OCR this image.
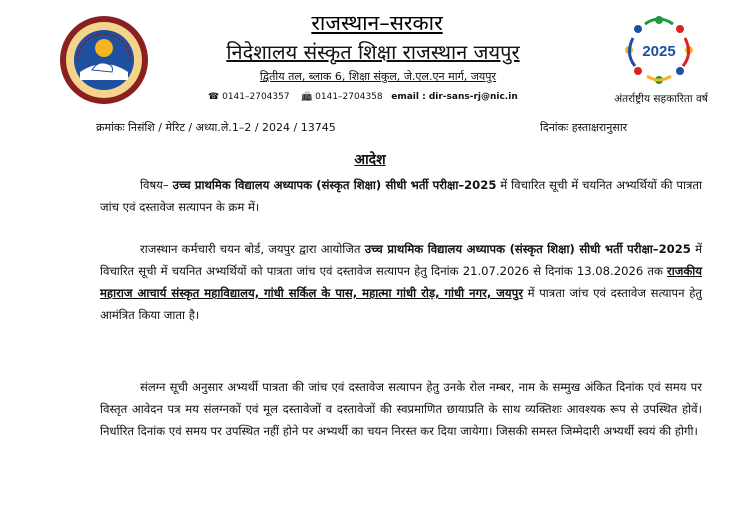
राजस्थान–सरकार
निदेशालय संस्कृत शिक्षा राजस्थान जयपुर
द्वितीय तल, ब्लाक 6, शिक्षा संकुल, जे.एल.एन मार्ग, जयपुर
☎ 0141–2704357 📠 0141–2704358 email : dir-sans-rj@nic.in
2025
अंतर्राष्ट्रीय सहकारिता वर्ष
क्रमांकः निसंशि / मेरिट / अध्या.ले.1–2 / 2024 / 13745	दिनांकः हस्ताक्षरानुसार
आदेश
विषय– उच्च प्राथमिक विद्यालय अध्यापक (संस्कृत शिक्षा) सीधी भर्ती परीक्षा–2025 में विचारित सूची में चयनित अभ्यर्थियों की पात्रता जांच एवं दस्तावेज सत्यापन के क्रम में।
राजस्थान कर्मचारी चयन बोर्ड, जयपुर द्वारा आयोजित उच्च प्राथमिक विद्यालय अध्यापक (संस्कृत शिक्षा) सीधी भर्ती परीक्षा–2025 में विचारित सूची में चयनित अभ्यर्थियों को पात्रता जांच एवं दस्तावेज सत्यापन हेतु दिनांक 21.07.2026 से दिनांक 13.08.2026 तक राजकीय महाराज आचार्य संस्कृत महाविद्यालय, गांधी सर्किल के पास, महात्मा गांधी रोड़, गांधी नगर, जयपुर में पात्रता जांच एवं दस्तावेज सत्यापन हेतु आमंत्रित किया जाता है।
संलग्न सूची अनुसार अभ्यर्थी पात्रता की जांच एवं दस्तावेज सत्यापन हेतु उनके रोल नम्बर, नाम के सम्मुख अंकित दिनांक एवं समय पर विस्तृत आवेदन पत्र मय संलग्नकों एवं मूल दस्तावेजों व दस्तावेजों की स्वप्रमाणित छायाप्रति के साथ व्यक्तिशः आवश्यक रूप से उपस्थित होवें। निर्धारित दिनांक एवं समय पर उपस्थित नहीं होने पर अभ्यर्थी का चयन निरस्त कर दिया जायेगा। जिसकी समस्त जिम्मेदारी अभ्यर्थी स्वयं की होगी।
